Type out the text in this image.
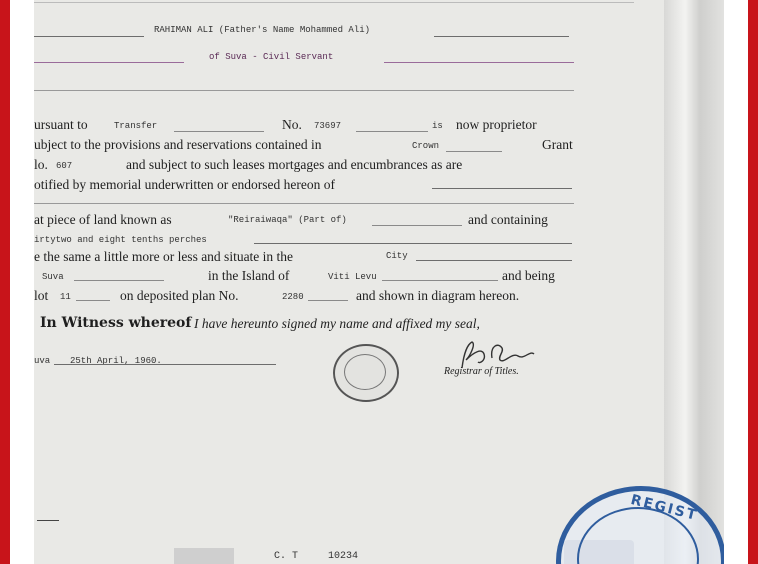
RAHIMAN ALI (Father's Name Mohammed Ali)
of Suva - Civil Servant
ursuant to	Transfer	No. 73697	is now proprietor
ubject to the provisions and reservations contained in	Crown	Grant
lo. 607	and subject to such leases mortgages and encumbrances as are
otified by memorial underwritten or endorsed hereon of
at piece of land known as	"Reiraiwaqa" (Part of)	and containing
irtytwo and eight tenths perches
e the same a little more or less and situate in the	City
Suva	in the Island of	Viti Levu	and being
lot 11	on deposited plan No.	2280	and shown in diagram hereon.
In Witness whereof I have hereunto signed my name and affixed my seal,
uva 25th April, 1960.
Registrar of Titles.
C. T	10234
REGIST
